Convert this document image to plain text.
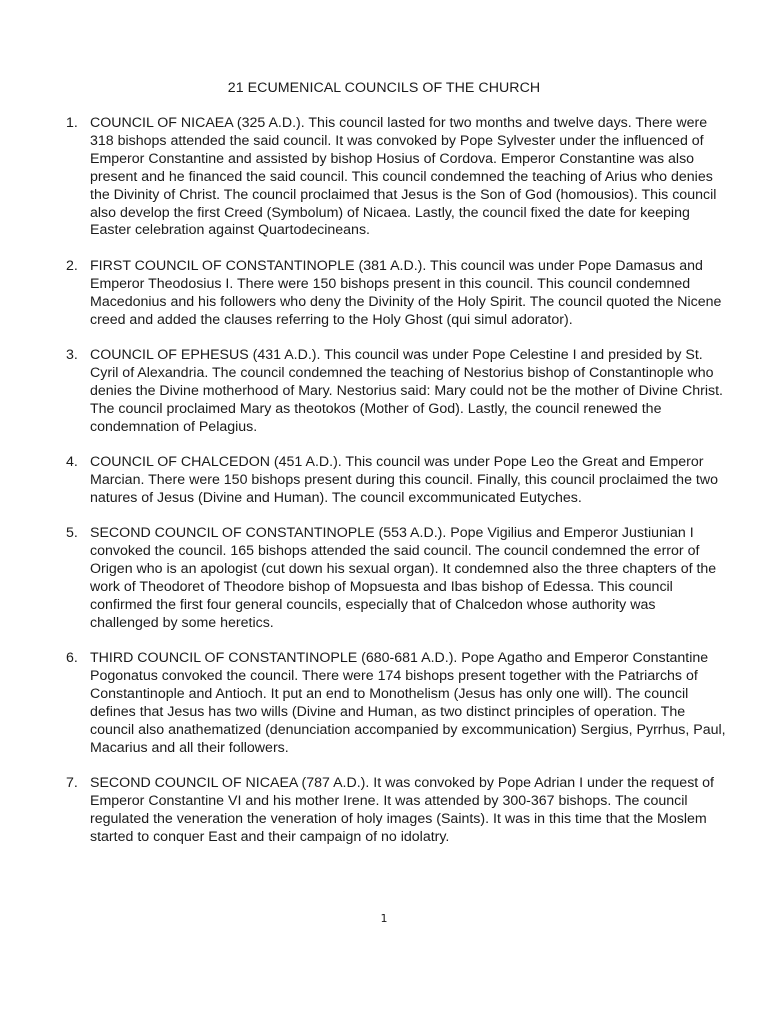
21 ECUMENICAL COUNCILS OF THE CHURCH
1. COUNCIL OF NICAEA (325 A.D.). This council lasted for two months and twelve days. There were 318 bishops attended the said council. It was convoked by Pope Sylvester under the influenced of Emperor Constantine and assisted by bishop Hosius of Cordova. Emperor Constantine was also present and he financed the said council. This council condemned the teaching of Arius who denies the Divinity of Christ. The council proclaimed that Jesus is the Son of God (homousios). This council also develop the first Creed (Symbolum) of Nicaea. Lastly, the council fixed the date for keeping Easter celebration against Quartodecineans.
2. FIRST COUNCIL OF CONSTANTINOPLE (381 A.D.). This council was under Pope Damasus and Emperor Theodosius I. There were 150 bishops present in this council. This council condemned Macedonius and his followers who deny the Divinity of the Holy Spirit. The council quoted the Nicene creed and added the clauses referring to the Holy Ghost (qui simul adorator).
3. COUNCIL OF EPHESUS (431 A.D.). This council was under Pope Celestine I and presided by St. Cyril of Alexandria. The council condemned the teaching of Nestorius bishop of Constantinople who denies the Divine motherhood of Mary. Nestorius said: Mary could not be the mother of Divine Christ. The council proclaimed Mary as theotokos (Mother of God). Lastly, the council renewed the condemnation of Pelagius.
4. COUNCIL OF CHALCEDON (451 A.D.). This council was under Pope Leo the Great and Emperor Marcian. There were 150 bishops present during this council. Finally, this council proclaimed the two natures of Jesus (Divine and Human). The council excommunicated Eutyches.
5. SECOND COUNCIL OF CONSTANTINOPLE (553 A.D.). Pope Vigilius and Emperor Justiunian I convoked the council. 165 bishops attended the said council. The council condemned the error of Origen who is an apologist (cut down his sexual organ). It condemned also the three chapters of the work of Theodoret of Theodore bishop of Mopsuesta and Ibas bishop of Edessa. This council confirmed the first four general councils, especially that of Chalcedon whose authority was challenged by some heretics.
6. THIRD COUNCIL OF CONSTANTINOPLE (680-681 A.D.). Pope Agatho and Emperor Constantine Pogonatus convoked the council. There were 174 bishops present together with the Patriarchs of Constantinople and Antioch. It put an end to Monothelism (Jesus has only one will). The council defines that Jesus has two wills (Divine and Human, as two distinct principles of operation. The council also anathematized (denunciation accompanied by excommunication) Sergius, Pyrrhus, Paul, Macarius and all their followers.
7. SECOND COUNCIL OF NICAEA (787 A.D.). It was convoked by Pope Adrian I under the request of Emperor Constantine VI and his mother Irene. It was attended by 300-367 bishops. The council regulated the veneration the veneration of holy images (Saints). It was in this time that the Moslem started to conquer East and their campaign of no idolatry.
1
